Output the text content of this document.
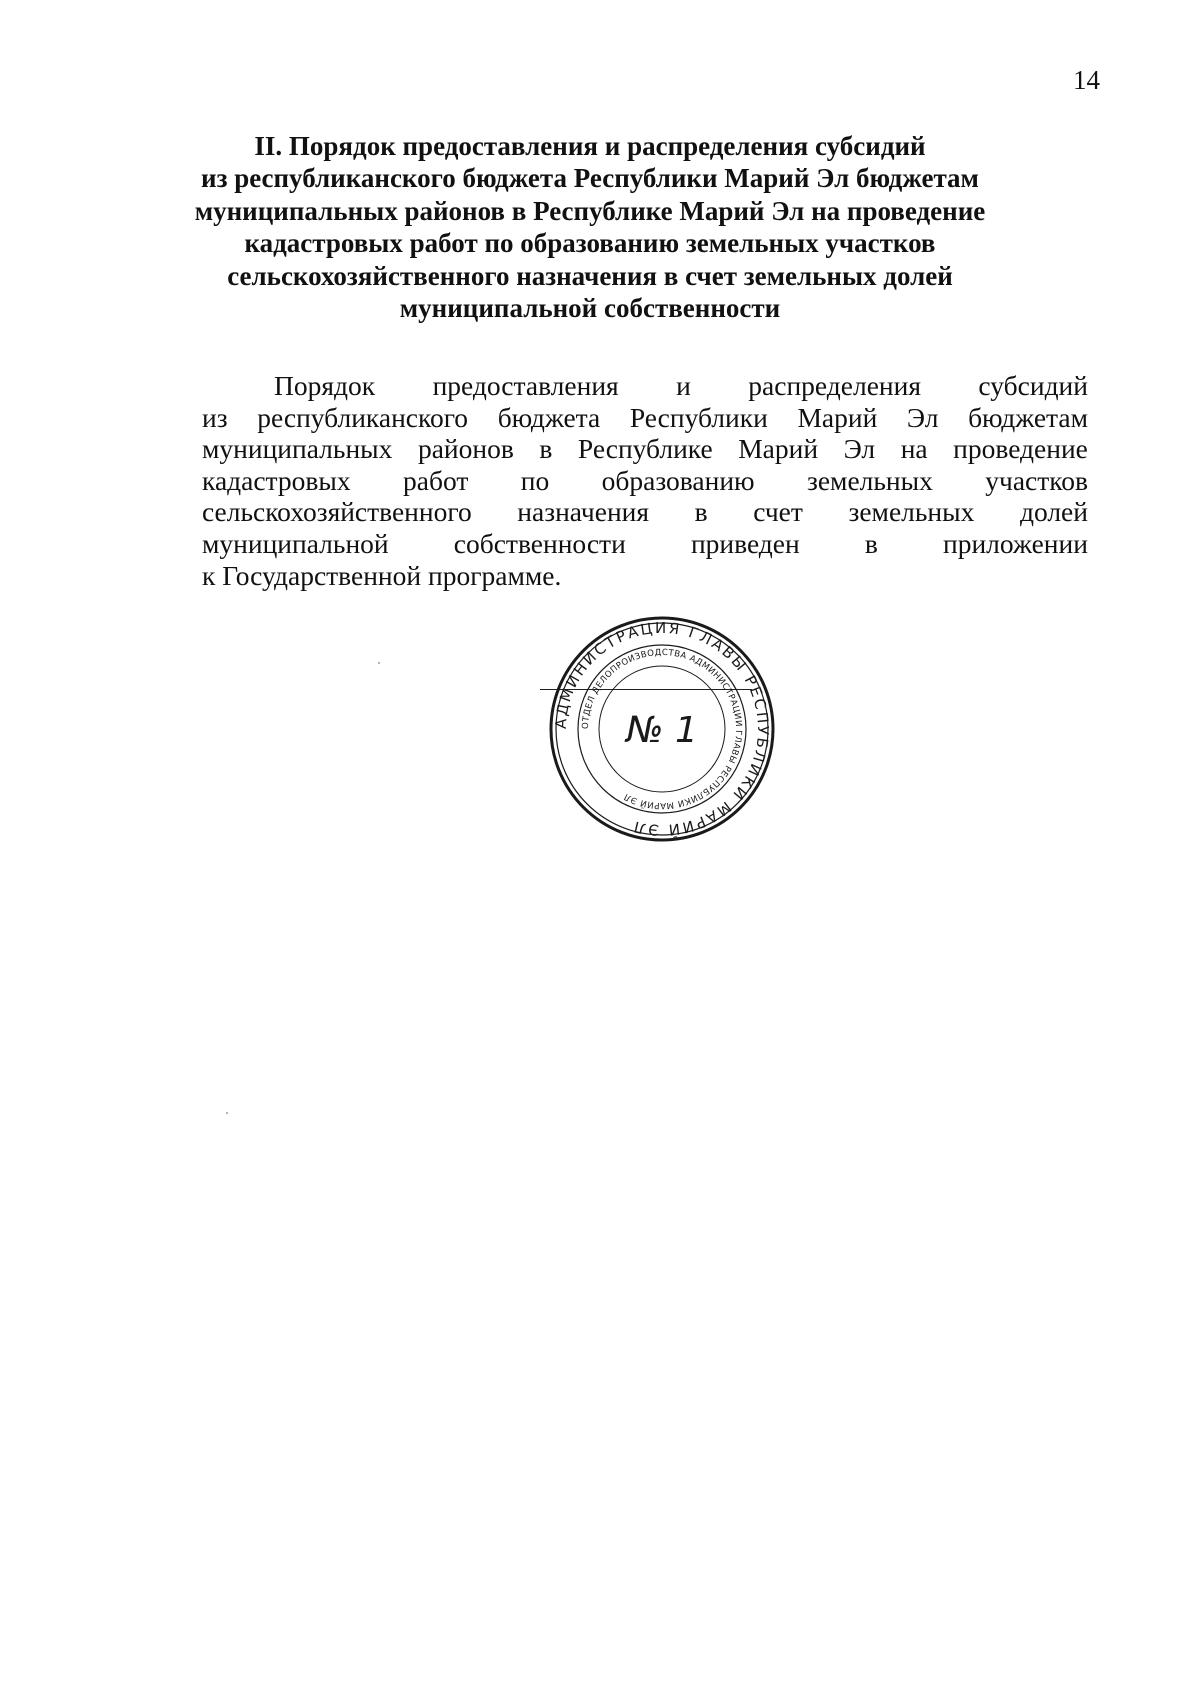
14
II. Порядок предоставления и распределения субсидий
из республиканского бюджета Республики Марий Эл бюджетам
муниципальных районов в Республике Марий Эл на проведение
кадастровых работ по образованию земельных участков
сельскохозяйственного назначения в счет земельных долей
муниципальной собственности
Порядок предоставления и распределения субсидий
из республиканского бюджета Республики Марий Эл бюджетам
муниципальных районов в Республике Марий Эл на проведение
кадастровых работ по образованию земельных участков
сельскохозяйственного назначения в счет земельных долей
муниципальной собственности приведен в приложении
к Государственной программе.
АДМИНИСТРАЦИЯ ГЛАВЫ РЕСПУБЛИКИ МАРИЙ ЭЛ
ОТДЕЛ ДЕЛОПРОИЗВОДСТВА АДМИНИСТРАЦИИ ГЛАВЫ РЕСПУБЛИКИ МАРИЙ ЭЛ
№ 1
